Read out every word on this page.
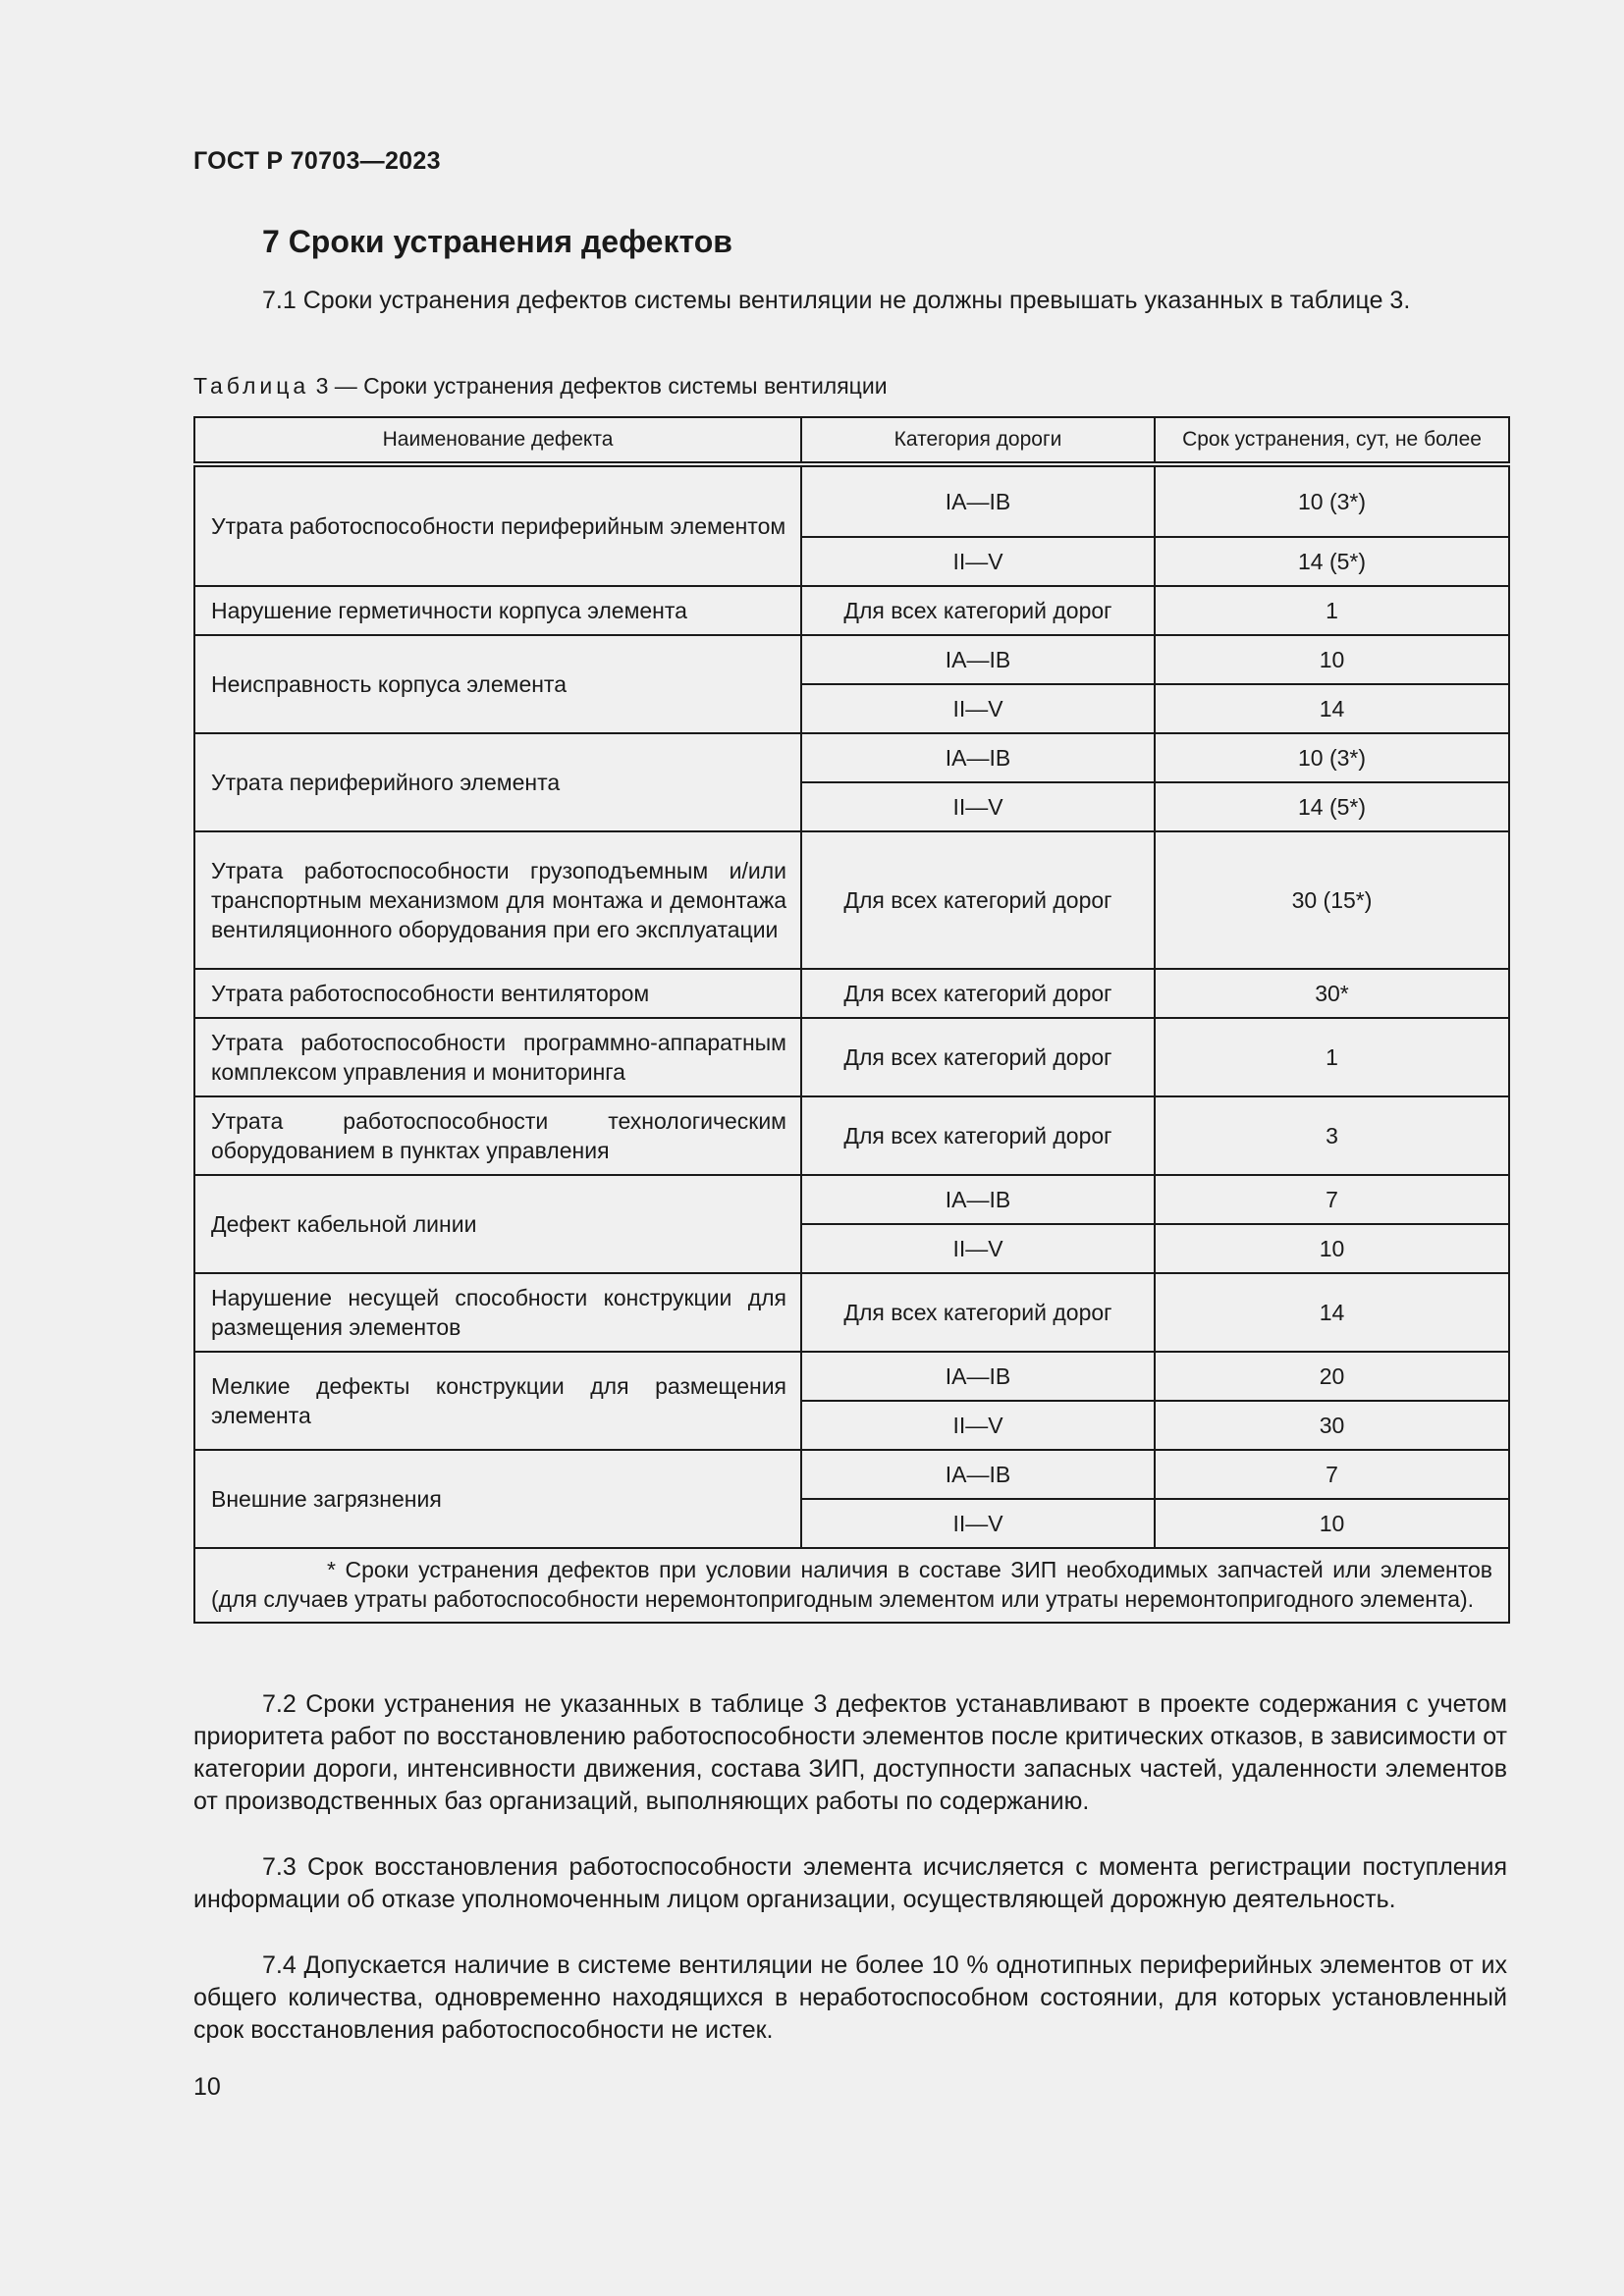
ГОСТ Р 70703—2023
7 Сроки устранения дефектов
7.1 Сроки устранения дефектов системы вентиляции не должны превышать указанных в таблице 3.
Таблица 3 — Сроки устранения дефектов системы вентиляции
Наименование дефекта	Категория дороги	Срок устранения, сут, не более
Утрата работоспособности периферийным элементом	IA—IB	10 (3*)
	II—V	14 (5*)
Нарушение герметичности корпуса элемента	Для всех категорий дорог	1
Неисправность корпуса элемента	IA—IB	10
	II—V	14
Утрата периферийного элемента	IA—IB	10 (3*)
	II—V	14 (5*)
Утрата работоспособности грузоподъемным и/или транспортным механизмом для монтажа и демонтажа вентиляционного оборудования при его эксплуатации	Для всех категорий дорог	30 (15*)
Утрата работоспособности вентилятором	Для всех категорий дорог	30*
Утрата работоспособности программно-аппаратным комплексом управления и мониторинга	Для всех категорий дорог	1
Утрата работоспособности технологическим оборудованием в пунктах управления	Для всех категорий дорог	3
Дефект кабельной линии	IA—IB	7
	II—V	10
Нарушение несущей способности конструкции для размещения элементов	Для всех категорий дорог	14
Мелкие дефекты конструкции для размещения элемента	IA—IB	20
	II—V	30
Внешние загрязнения	IA—IB	7
	II—V	10
* Сроки устранения дефектов при условии наличия в составе ЗИП необходимых запчастей или элементов (для случаев утраты работоспособности неремонтопригодным элементом или утраты неремонтопригодного элемента).		
7.2 Сроки устранения не указанных в таблице 3 дефектов устанавливают в проекте содержания с учетом приоритета работ по восстановлению работоспособности элементов после критических отказов, в зависимости от категории дороги, интенсивности движения, состава ЗИП, доступности запасных частей, удаленности элементов от производственных баз организаций, выполняющих работы по содержанию.
7.3 Срок восстановления работоспособности элемента исчисляется с момента регистрации поступления информации об отказе уполномоченным лицом организации, осуществляющей дорожную деятельность.
7.4 Допускается наличие в системе вентиляции не более 10 % однотипных периферийных элементов от их общего количества, одновременно находящихся в неработоспособном состоянии, для которых установленный срок восстановления работоспособности не истек.
10
